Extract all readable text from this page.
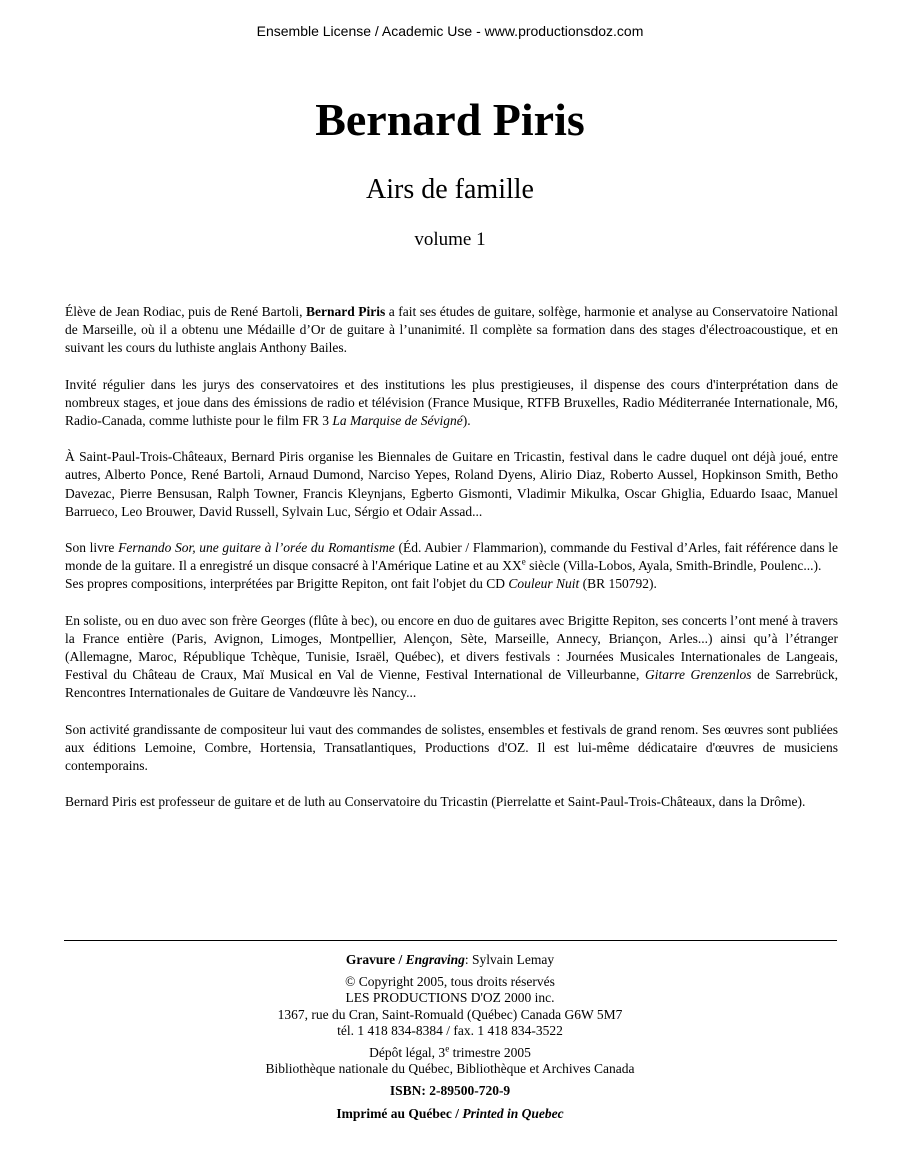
Ensemble License / Academic Use - www.productionsdoz.com
Bernard Piris
Airs de famille
volume 1

Élève de Jean Rodiac, puis de René Bartoli, Bernard Piris a fait ses études de guitare, solfège, harmonie et analyse au Conservatoire National de Marseille, où il a obtenu une Médaille d’Or de guitare à l’unanimité. Il complète sa formation dans des stages d'électroacoustique, et en suivant les cours du luthiste anglais Anthony Bailes.

Invité régulier dans les jurys des conservatoires et des institutions les plus prestigieuses, il dispense des cours d'interprétation dans de nombreux stages, et joue dans des émissions de radio et télévision (France Musique, RTFB Bruxelles, Radio Méditerranée Internationale, M6, Radio-Canada, comme luthiste pour le film FR 3 La Marquise de Sévigné).

À Saint-Paul-Trois-Châteaux, Bernard Piris organise les Biennales de Guitare en Tricastin, festival dans le cadre duquel ont déjà joué, entre autres, Alberto Ponce, René Bartoli, Arnaud Dumond, Narciso Yepes, Roland Dyens, Alirio Diaz, Roberto Aussel, Hopkinson Smith, Betho Davezac, Pierre Bensusan, Ralph Towner, Francis Kleynjans, Egberto Gismonti, Vladimir Mikulka, Oscar Ghiglia, Eduardo Isaac, Manuel Barrueco, Leo Brouwer, David Russell, Sylvain Luc, Sérgio et Odair Assad...

Son livre Fernando Sor, une guitare à l’orée du Romantisme (Éd. Aubier / Flammarion), commande du Festival d’Arles, fait référence dans le monde de la guitare. Il a enregistré un disque consacré à l'Amérique Latine et au XXe siècle (Villa-Lobos, Ayala, Smith-Brindle, Poulenc...).
Ses propres compositions, interprétées par Brigitte Repiton, ont fait l'objet du CD Couleur Nuit (BR 150792).

En soliste, ou en duo avec son frère Georges (flûte à bec), ou encore en duo de guitares avec Brigitte Repiton, ses concerts l’ont mené à travers la France entière (Paris, Avignon, Limoges, Montpellier, Alençon, Sète, Marseille, Annecy, Briançon, Arles...) ainsi qu’à l’étranger (Allemagne, Maroc, République Tchèque, Tunisie, Israël, Québec), et divers festivals : Journées Musicales Internationales de Langeais, Festival du Château de Craux, Maï Musical en Val de Vienne, Festival International de Villeurbanne, Gitarre Grenzenlos de Sarrebrück, Rencontres Internationales de Guitare de Vandœuvre lès Nancy...

Son activité grandissante de compositeur lui vaut des commandes de solistes, ensembles et festivals de grand renom. Ses œuvres sont publiées aux éditions Lemoine, Combre, Hortensia, Transatlantiques, Productions d'OZ. Il est lui-même dédicataire d'œuvres de musiciens contemporains.

Bernard Piris est professeur de guitare et de luth au Conservatoire du Tricastin (Pierrelatte et Saint-Paul-Trois-Châteaux, dans la Drôme).

Gravure / Engraving: Sylvain Lemay
© Copyright 2005, tous droits réservés
LES PRODUCTIONS D'OZ 2000 inc.
1367, rue du Cran, Saint-Romuald (Québec) Canada G6W 5M7
tél. 1 418 834-8384 / fax. 1 418 834-3522
Dépôt légal, 3e trimestre 2005
Bibliothèque nationale du Québec, Bibliothèque et Archives Canada
ISBN: 2-89500-720-9
Imprimé au Québec / Printed in Quebec
